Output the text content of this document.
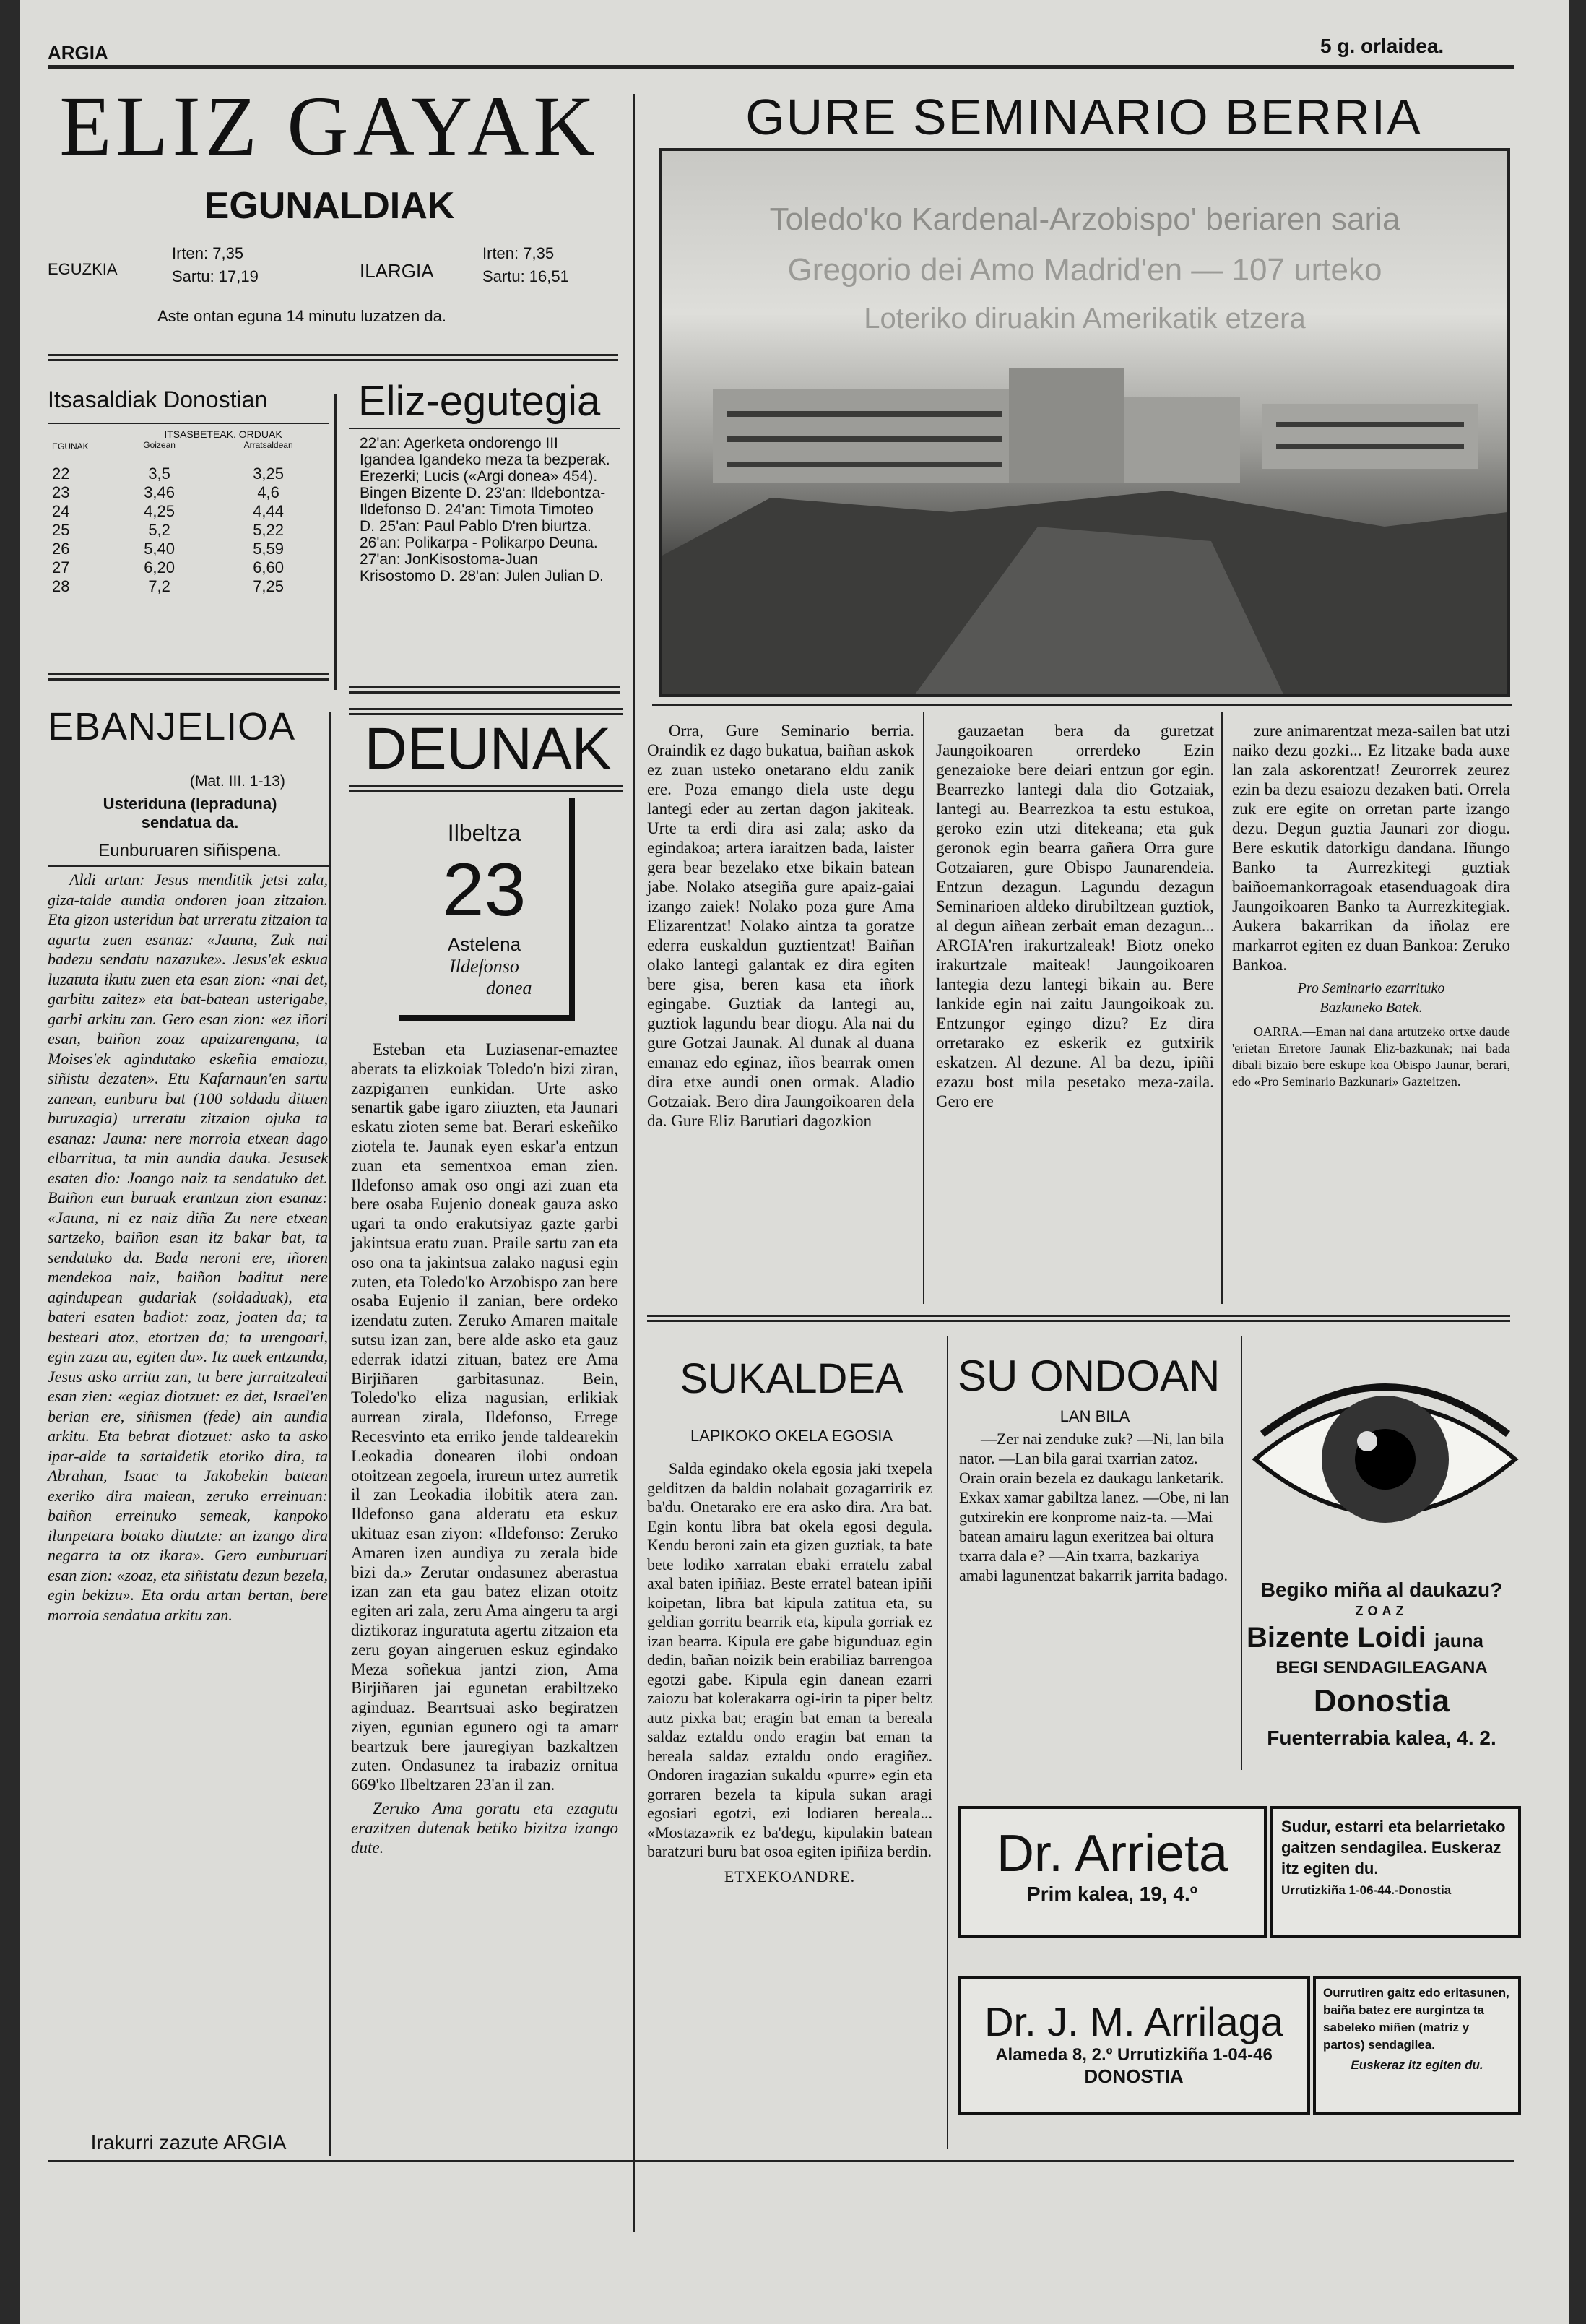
ARGIA	5 g. orlaidea.
ELIZ GAYAK
EGUNALDIAK
EGUZKIA
Irten: 7,35
Sartu: 17,19	ILARGIA
Irten: 7,35
Sartu: 16,51
Aste ontan eguna 14 minutu luzatzen da.
Itsasaldiak Donostian
EGUNAK	ITSASBETEAK. ORDUAK	
	Goizean	Arratsaldean
22	3,5	3,25
23	3,46	4,6
24	4,25	4,44
25	5,2	5,22
26	5,40	5,59
27	6,20	6,60
28	7,2	7,25
Eliz-egutegia
22'an: Agerketa ondorengo III Igandea Igandeko meza ta bezperak. Erezerki; Lucis («Argi donea» 454). Bingen Bizente D. 23'an: Ildebontza-Ildefonso D. 24'an: Timota Timoteo D. 25'an: Paul Pablo D'ren biurtza. 26'an: Polikarpa - Polikarpo Deuna. 27'an: JonKisostoma-Juan Krisostomo D. 28'an: Julen Julian D.
EBANJELIOA
(Mat. III. 1-13)
Usteriduna (lepraduna) sendatua da.
Eunburuaren siñispena.

Aldi artan: Jesus menditik jetsi zala, giza-talde aundia ondoren joan zitzaion. Eta gizon usteridun bat urreratu zitzaion ta agurtu zuen esanaz: «Jauna, Zuk nai badezu sendatu nazazuke». Jesus'ek eskua luzatuta ikutu zuen eta esan zion: «nai det, garbitu zaitez» eta bat-batean usterigabe, garbi arkitu zan. Gero esan zion: «ez iñori esan, baiñon zoaz apaizarengana, ta Moises'ek agindutako eskeñia emaiozu, siñistu dezaten». Etu Kafarnaun'en sartu zanean, eunburu bat (100 soldadu dituen buruzagia) urreratu zitzaion ojuka ta esanaz: Jauna: nere morroia etxean dago elbarritua, ta min aundia dauka. Jesusek esaten dio: Joango naiz ta sendatuko det. Baiñon eun buruak erantzun zion esanaz: «Jauna, ni ez naiz diña Zu nere etxean sartzeko, baiñon esan itz bakar bat, ta sendatuko da. Bada neroni ere, iñoren mendekoa naiz, baiñon baditut nere agindupean gudariak (soldaduak), eta bateri esaten badiot: zoaz, joaten da; ta besteari atoz, etortzen da; ta urengoari, egin zazu au, egiten du». Itz auek entzunda, Jesus asko arritu zan, tu bere jarraitzaleai esan zien: «egiaz diotzuet: ez det, Israel'en berian ere, siñismen (fede) ain aundia arkitu. Eta bebrat diotzuet: asko ta asko ipar-alde ta sartaldetik etoriko dira, ta Abrahan, Isaac ta Jakobekin batean exeriko dira maiean, zeruko erreinuan: baiñon erreinuko semeak, kanpoko ilunpetara botako ditutzte: an izango dira negarra ta otz ikara». Gero eunburuari esan zion: «zoaz, eta siñistatu dezun bezela, egin bekizu». Eta ordu artan bertan, bere morroia sendatua arkitu zan.

Irakurri zazute ARGIA
DEUNAK
Ilbeltza
23
Astelena
Ildefonso
donea

Esteban eta Luziasenar-emaztee aberats ta elizkoiak Toledo'n bizi ziran, zazpigarren eunkidan. Urte asko senartik gabe igaro ziiuzten, eta Jaunari eskatu zioten seme bat. Berari eskeñiko ziotela te. Jaunak eyen eskar'a entzun zuan eta sementxoa eman zien. Ildefonso amak oso ongi azi zuan eta bere osaba Eujenio doneak gauza asko ugari ta ondo erakutsiyaz gazte garbi jakintsua eratu zuan. Praile sartu zan eta oso ona ta jakintsua zalako nagusi egin zuten, eta Toledo'ko Arzobispo zan bere osaba Eujenio il zanian, bere ordeko izendatu zuten. Zeruko Amaren maitale sutsu izan zan, bere alde asko eta gauz ederrak idatzi zituan, batez ere Ama Birjiñaren garbitasunaz. Bein, Toledo'ko eliza nagusian, erlikiak aurrean zirala, Ildefonso, Errege Recesvinto eta erriko jende taldearekin Leokadia donearen ilobi ondoan otoitzean zegoela, irureun urtez aurretik il zan Leokadia ilobitik atera zan. Ildefonso gana alderatu eta eskuz ukituaz esan ziyon: «Ildefonso: Zeruko Amaren izen aundiya zu zerala bide bizi da.» Zerutar ondasunez aberastua izan zan eta gau batez elizan otoitz egiten ari zala, zeru Ama aingeru ta argi diztikoraz inguratuta agertu zitzaion eta zeru goyan aingeruen eskuz egindako Meza soñekua jantzi zion, Ama Birjiñaren jai egunetan erabiltzeko aginduaz. Bearrtsuai asko begiratzen ziyen, egunian egunero ogi ta amarr beartzuk bere jauregiyan bazkaltzen zuten. Ondasunez ta irabaziz ornitua 669'ko Ilbeltzaren 23'an il zan.

Zeruko Ama goratu eta ezagutu erazitzen dutenak betiko bizitza izango dute.

GURE SEMINARIO BERRIA
Toledo'ko Kardenal-Arzobispo' beriaren saria
Gregorio dei Amo Madrid'en — 107 urteko
Loteriko diruakin Amerikatik etzera

Orra, Gure Seminario berria. Oraindik ez dago bukatua, baiñan askok ez zuan usteko onetarano eldu zanik ere. Poza emango diela uste degu lantegi eder au zertan dagon jakiteak. Urte ta erdi dira asi zala; asko da egindakoa; artera iaraitzen bada, laister gera bear bezelako etxe bikain batean jabe. Nolako atsegiña gure apaiz-gaiai izango zaiek! Nolako poza gure Ama Elizarentzat! Nolako aintza ta goratze ederra euskaldun guztientzat! Baiñan olako lantegi galantak ez dira egiten bere gisa, beren kasa eta iñork egingabe. Guztiak da lantegi au, guztiok lagundu bear diogu. Ala nai du gure Gotzai Jaunak. Al dunak al duana emanaz edo eginaz, iños bearrak omen dira etxe aundi onen ormak. Aladio Gotzaiak. Bero dira Jaungoikoaren dela da. Gure Eliz Barutiari dagozkion

gauzaetan bera da guretzat Jaungoikoaren orrerdeko Ezin genezaioke bere deiari entzun gor egin. Bearrezko lantegi dala dio Gotzaiak, lantegi au. Bearrezkoa ta estu estukoa, geroko ezin utzi ditekeana; eta guk geronok egin bearra gañera Orra gure Gotzaiaren, gure Obispo Jaunarendeia. Entzun dezagun. Lagundu dezagun Seminarioen aldeko dirubiltzean guztiok, al degun aiñean zerbait eman dezagun... ARGIA'ren irakurtzaleak! Biotz oneko irakurtzale maiteak! Jaungoikoaren lantegia dezu lantegi bikain au. Bere lankide egin nai zaitu Jaungoikoak zu. Entzungor egingo dizu? Ez dira orretarako ez eskerik ez gutxirik eskatzen. Al dezune. Al ba dezu, ipiñi ezazu bost mila pesetako meza-zaila. Gero ere

zure animarentzat meza-sailen bat utzi naiko dezu gozki... Ez litzake bada auxe lan zala askorentzat! Zeurorrek zeurez ezin ba dezu esaiozu dezaken bati. Orrela zuk ere egite on orretan parte izango dezu. Degun guztia Jaunari zor diogu. Bere eskutik datorkigu dandana. Iñungo Banko ta Aurrezkitegi guztiak baiñoemankorragoak etasenduagoak dira Jaungoikoaren Banko ta Aurrezkitegiak. Aukera bakarrikan da iñolaz ere markarrot egiten ez duan Bankoa: Zeruko Bankoa.

Pro Seminario ezarrituko
Bazkuneko Batek.

OARRA.—Eman nai dana artutzeko ortxe daude 'erietan Erretore Jaunak Eliz-bazkunak; nai bada dibali bizaio bere eskupe koa Obispo Jaunar, berari, edo «Pro Seminario Bazkunari» Gazteitzen.

SUKALDEA
LAPIKOKO OKELA EGOSIA

Salda egindako okela egosia jaki txepela gelditzen da baldin nolabait gozagarririk ez ba'du. Onetarako ere era asko dira. Ara bat. Egin kontu libra bat okela egosi degula. Kendu beroni zain eta gizen guztiak, ta bate bete lodiko xarratan ebaki erratelu zabal axal baten ipiñiaz. Beste erratel batean ipiñi koipetan, libra bat kipula zatitua eta, su geldian gorritu bearrik eta, kipula gorriak ez izan bearra. Kipula ere gabe bigunduaz egin dedin, bañan noizik bein erabiliaz barrengoa egotzi gabe. Kipula egin danean ezarri zaiozu bat kolerakarra ogi-irin ta piper beltz autz pixka bat; eragin bat eman ta bereala saldaz eztaldu ondo eragin bat eman ta bereala saldaz eztaldu ondo eragiñez. Ondoren iragazian sukaldu «purre» egin eta gorraren bezela ta kipula sukan aragi egosiari egotzi, ezi lodiaren bereala... «Mostaza»rik ez ba'degu, kipulakin batean baratzuri buru bat osoa egiten ipiñiza berdin.

ETXEKOANDRE.
SU ONDOAN
LAN BILA

—Zer nai zenduke zuk? —Ni, lan bila nator. —Lan bila garai txarrian zatoz. Orain orain bezela ez daukagu lanketarik. Exkax xamar gabiltza lanez. —Obe, ni lan gutxirekin ere konprome naiz-ta. —Mai batean amairu lagun exeritzea bai oltura txarra dala e? —Ain txarra, bazkariya amabi lagunentzat bakarrik jarrita badago.

Begiko miña al daukazu?
ZOAZ
Bizente Loidi jauna
BEGI SENDAGILEAGANA
Donostia
Fuenterrabia kalea, 4. 2.
Dr. Arrieta
Prim kalea, 19, 4.º
Sudur, estarri eta belarrietako gaitzen sendagilea. Euskeraz itz egiten du.
Urrutizkiña 1-06-44.-Donostia
Dr. J. M. Arrilaga
Alameda 8, 2.º Urrutizkiña 1-04-46
DONOSTIA
Ourrutiren gaitz edo eritasunen, baiña batez ere aurgintza ta sabeleko miñen (matriz y partos) sendagilea.
Euskeraz itz egiten du.
